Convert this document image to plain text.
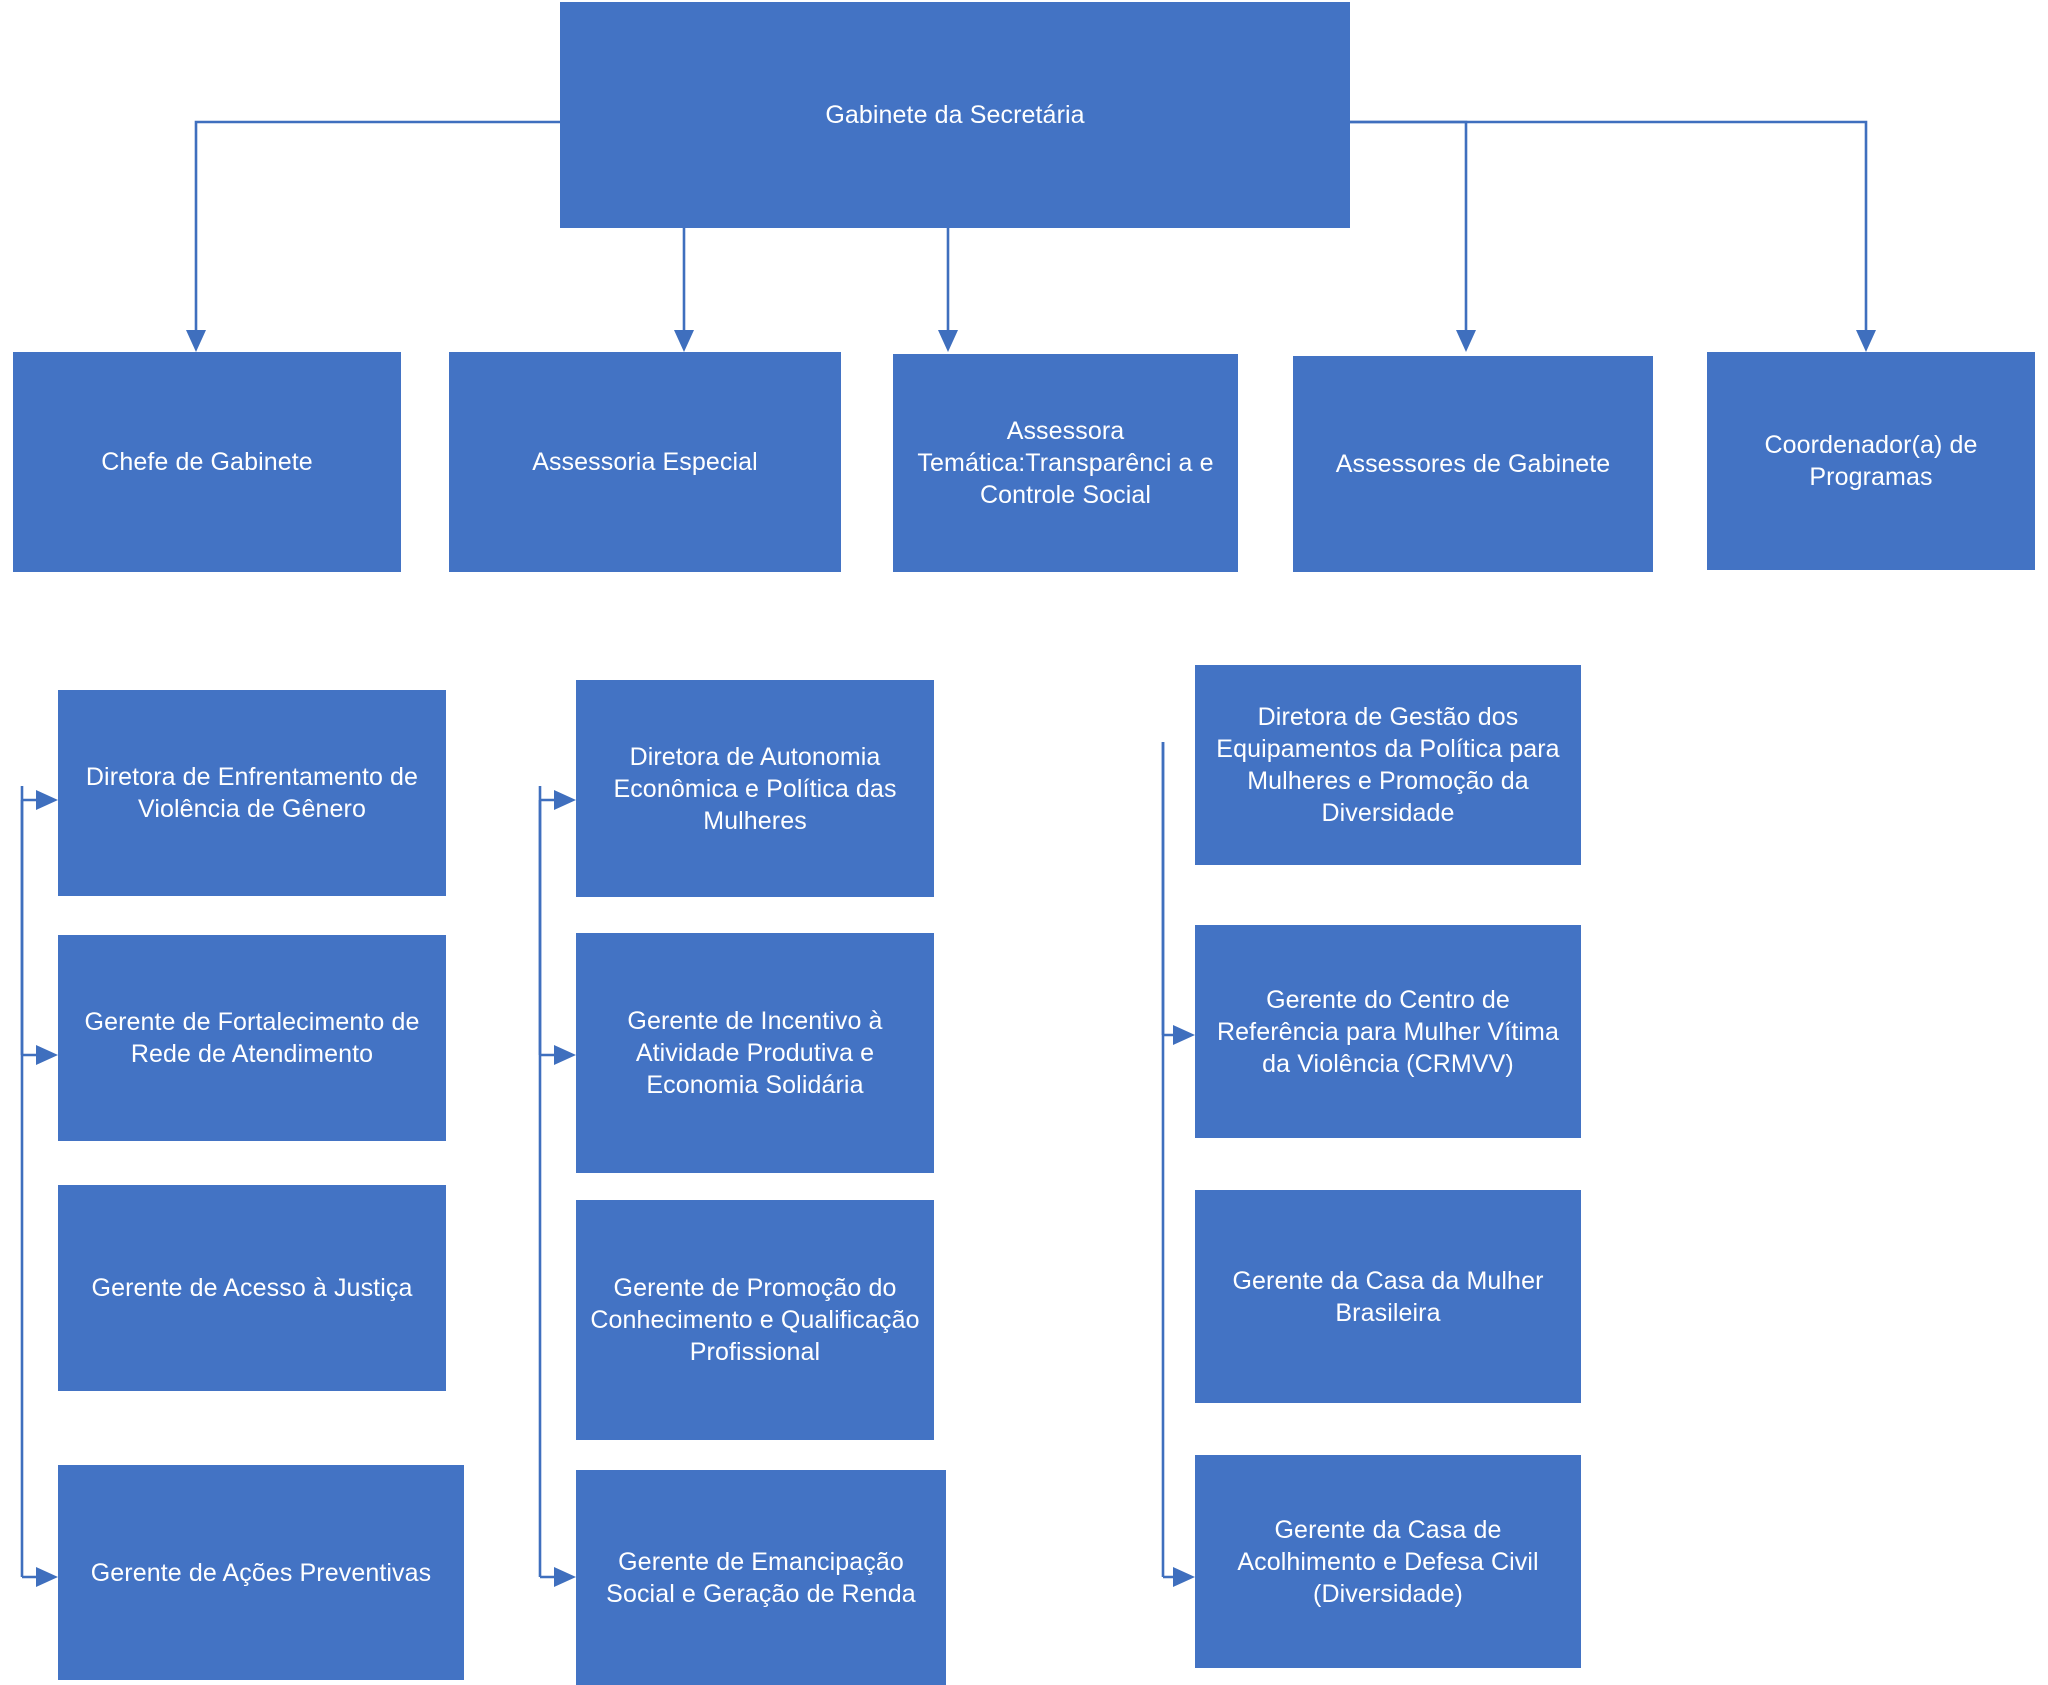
Gabinete da Secretária
Chefe de Gabinete	Assessoria Especial
Assessora Temática:Transparênci a e Controle Social
Assessores de Gabinete
Coordenador(a) de Programas
Diretora de Enfrentamento de Violência de Gênero
Gerente de Fortalecimento de Rede de Atendimento
Gerente de Acesso à Justiça
Gerente de Ações Preventivas
Diretora de Autonomia Econômica e Política das Mulheres
Gerente de Incentivo à Atividade Produtiva e Economia Solidária
Gerente de Promoção do Conhecimento e Qualificação Profissional
Gerente de Emancipação Social e Geração de Renda
Diretora de Gestão dos Equipamentos da Política para Mulheres e Promoção da Diversidade
Gerente do Centro de Referência para Mulher Vítima da Violência (CRMVV)
Gerente da Casa da Mulher Brasileira
Gerente da Casa de Acolhimento e Defesa Civil (Diversidade)
